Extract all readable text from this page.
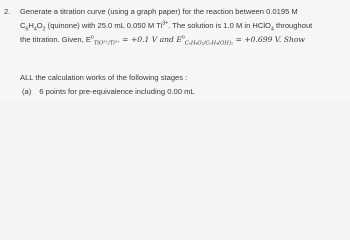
2. Generate a titration curve (using a graph paper) for the reaction between 0.0195 M
$C_6H_4O_2$ (quinone) with 25.0 mL 0.050 M $Ti^{3+}$. The solution is 1.0 M in HClO$_4$ throughout
the titration. Given, $E^o_{TiO^{2+}/Ti^{3+}} = +0.1$ V and $E^o_{C_6H_4O_2/C_6H_4(OH)_2} = +0.699$ V. Show
ALL the calculation works of the following stages :
(a) 6 points for pre-equivalence including 0.00 mL
